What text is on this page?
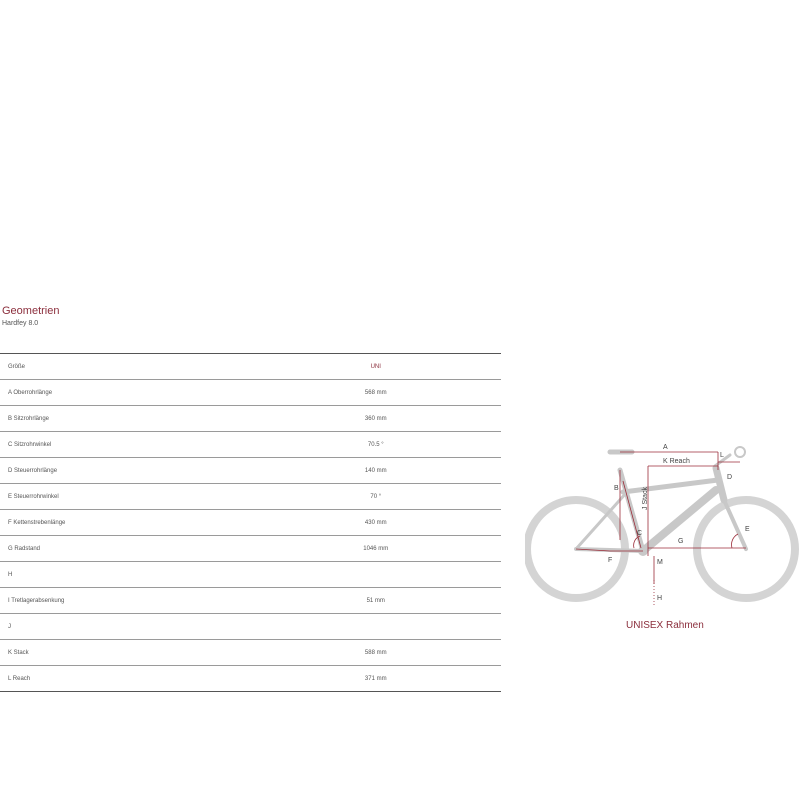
Geometrien
Hardfey 8.0
Größe	UNI
A Oberrohrlänge	568 mm
B Sitzrohrlänge	360 mm
C Sitzrohrwinkel	70.5 °
D Steuerrohrlänge	140 mm
E Steuerrohrwinkel	70 °
F Kettenstrebenlänge	430 mm
G Radstand	1046 mm
H	
I Tretlagerabsenkung	51 mm
J	
K Stack	588 mm
L Reach	371 mm
A
K Reach
L
D
B	J Stack
C
E
G
F	M
H
UNISEX Rahmen
